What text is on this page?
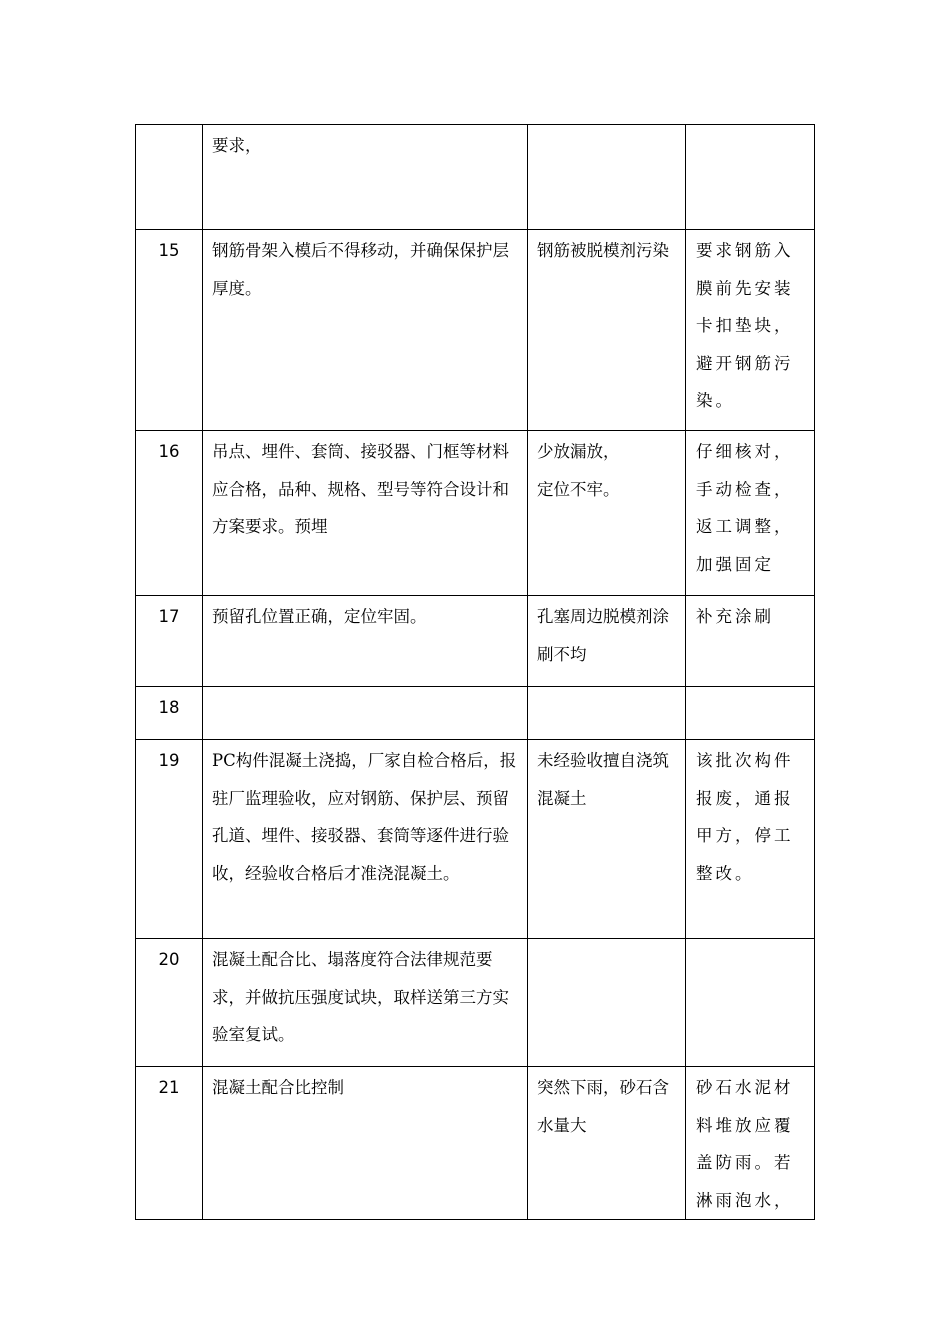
	要求，		

15	钢筋骨架入模后不得移动，并确保保护层厚度。	钢筋被脱模剂污染	要求钢筋入膜前先安装卡扣垫块，避开钢筋污染。

16	吊点、埋件、套筒、接驳器、门框等材料应合格，品种、规格、型号等符合设计和方案要求。预埋	少放漏放，
定位不牢。	仔细核对，手动检查，返工调整，加强固定

17	预留孔位置正确，定位牢固。	孔塞周边脱模剂涂刷不均	补充涂刷

18			

19	PC构件混凝土浇捣，厂家自检合格后，报驻厂监理验收，应对钢筋、保护层、预留孔道、埋件、接驳器、套筒等逐件进行验收，经验收合格后才准浇混凝土。	未经验收擅自浇筑混凝土	该批次构件报废，通报甲方，停工整改。

20	混凝土配合比、塌落度符合法律规范要求，并做抗压强度试块，取样送第三方实验室复试。		

21	混凝土配合比控制	突然下雨，砂石含水量大	砂石水泥材料堆放应覆盖防雨。若淋雨泡水，
